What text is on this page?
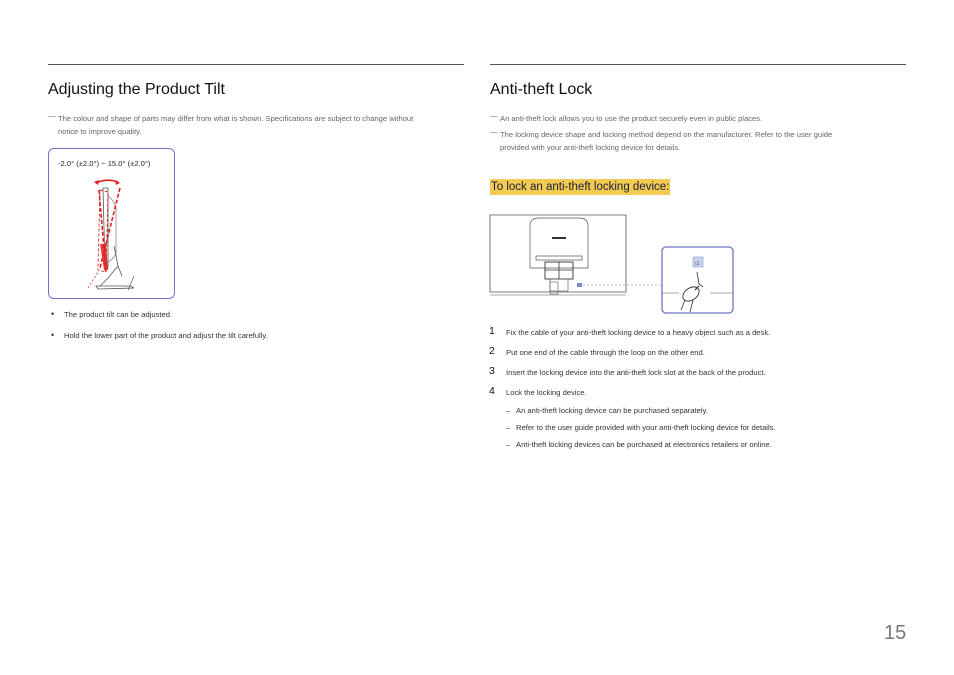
Adjusting the Product Tilt
— The colour and shape of parts may differ from what is shown. Specifications are subject to change without

notice to improve quality.

-2.0° (±2.0°) ~ 15.0° (±2.0°)
• The product tilt can be adjusted.
• Hold the lower part of the product and adjust the tilt carefully.
Anti-theft Lock
— An anti-theft lock allows you to use the product securely even in public places.

— The locking device shape and locking method depend on the manufacturer. Refer to the user guide

provided with your anti-theft locking device for details.

To lock an anti-theft locking device:
⊡
1 Fix the cable of your anti-theft locking device to a heavy object such as a desk.
2 Put one end of the cable through the loop on the other end.
3 Insert the locking device into the anti-theft lock slot at the back of the product.
4 Lock the locking device.
– An anti-theft locking device can be purchased separately.
– Refer to the user guide provided with your anti-theft locking device for details.
– Anti-theft locking devices can be purchased at electronics retailers or online.
15
